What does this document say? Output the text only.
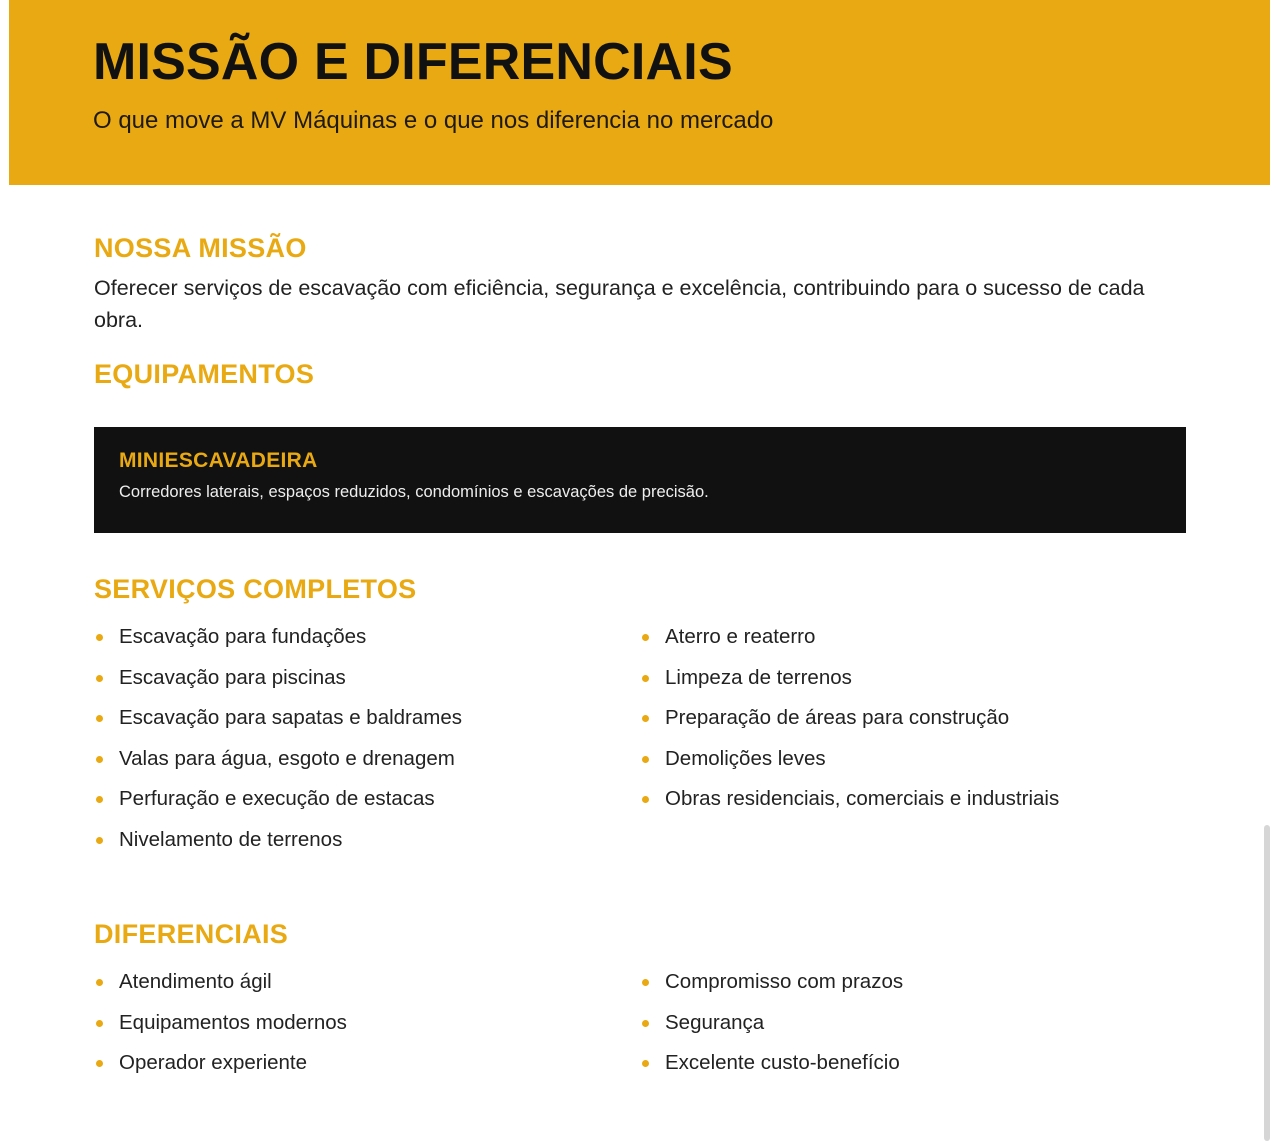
MISSÃO E DIFERENCIAIS

O que move a MV Máquinas e o que nos diferencia no mercado

NOSSA MISSÃO

Oferecer serviços de escavação com eficiência, segurança e excelência, contribuindo para o sucesso de cada obra.

EQUIPAMENTOS
MINIESCAVADEIRA
Corredores laterais, espaços reduzidos, condomínios e escavações de precisão.
SERVIÇOS COMPLETOS
Escavação para fundações
Escavação para piscinas
Escavação para sapatas e baldrames
Valas para água, esgoto e drenagem
Perfuração e execução de estacas
Nivelamento de terrenos
Aterro e reaterro
Limpeza de terrenos
Preparação de áreas para construção
Demolições leves
Obras residenciais, comerciais e industriais
DIFERENCIAIS
Atendimento ágil
Equipamentos modernos
Operador experiente
Compromisso com prazos
Segurança
Excelente custo-benefício
